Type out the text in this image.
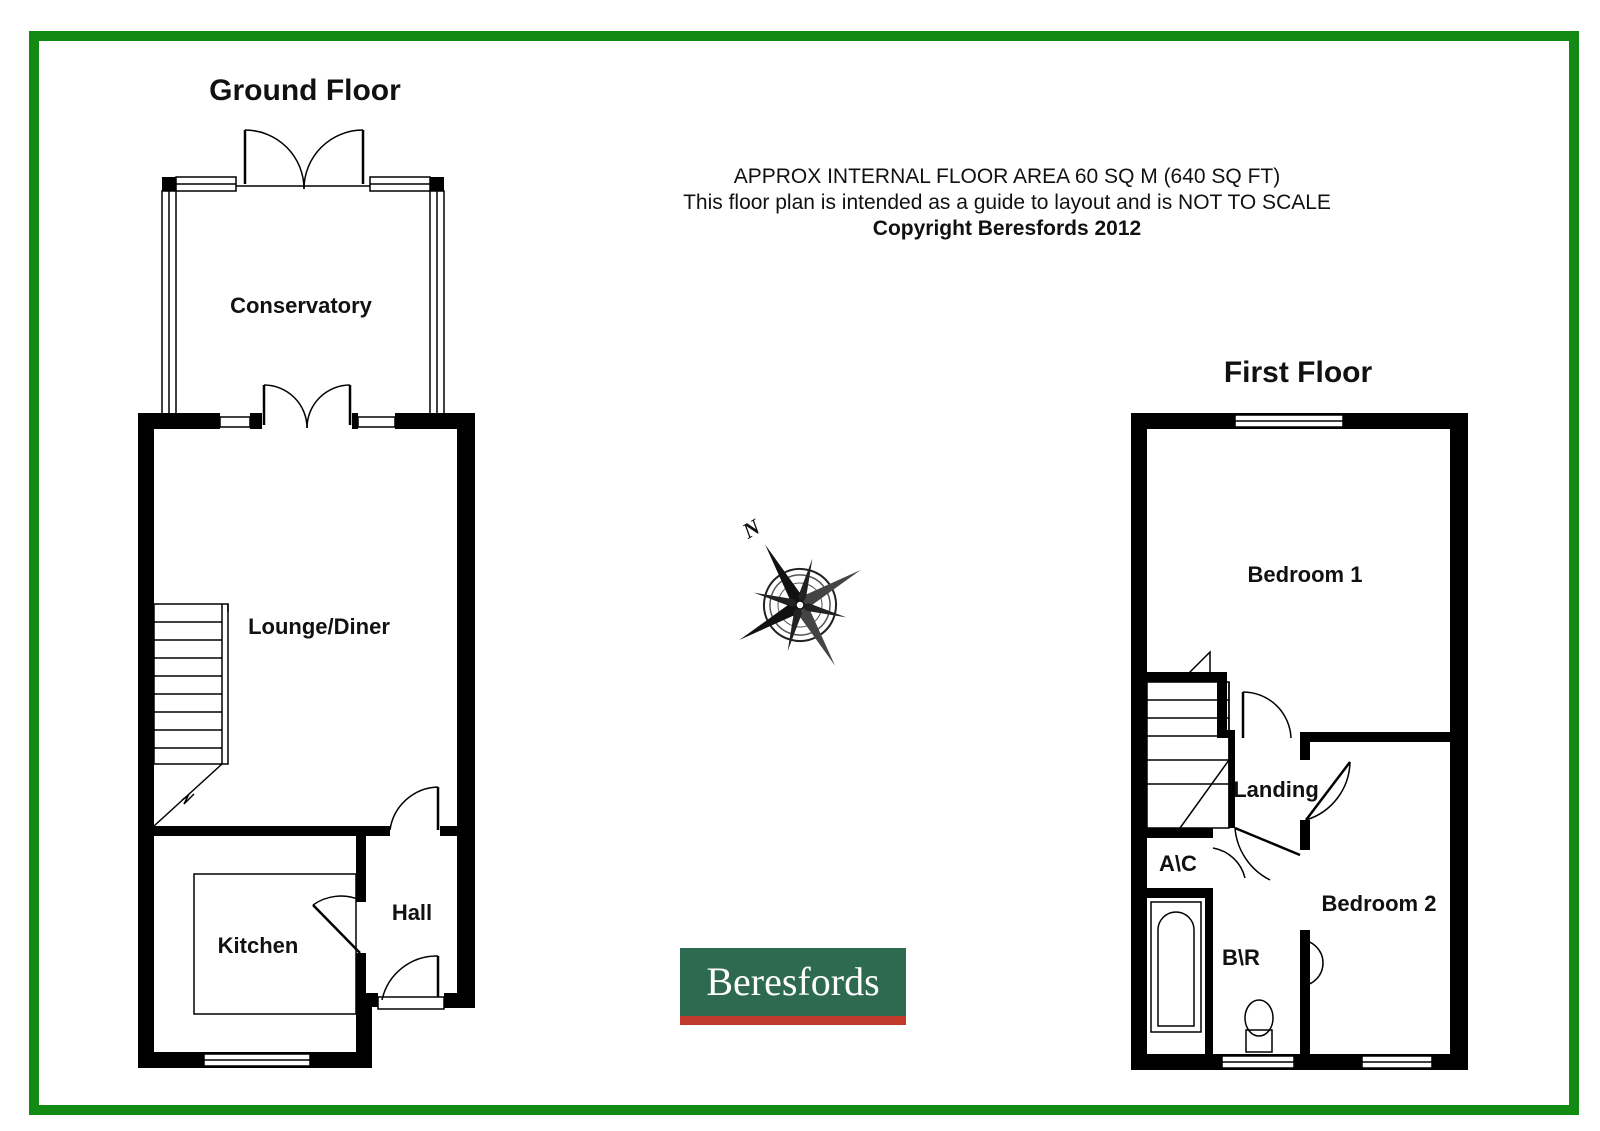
Ground Floor
First Floor
APPROX INTERNAL FLOOR AREA 60 SQ M (640 SQ FT)
This floor plan is intended as a guide to layout and is NOT TO SCALE
Copyright Beresfords 2012
Conservatory
Lounge/Diner
Kitchen
Hall
Bedroom 1
Landing
A\C
Bedroom 2
B\R
N
Beresfords
